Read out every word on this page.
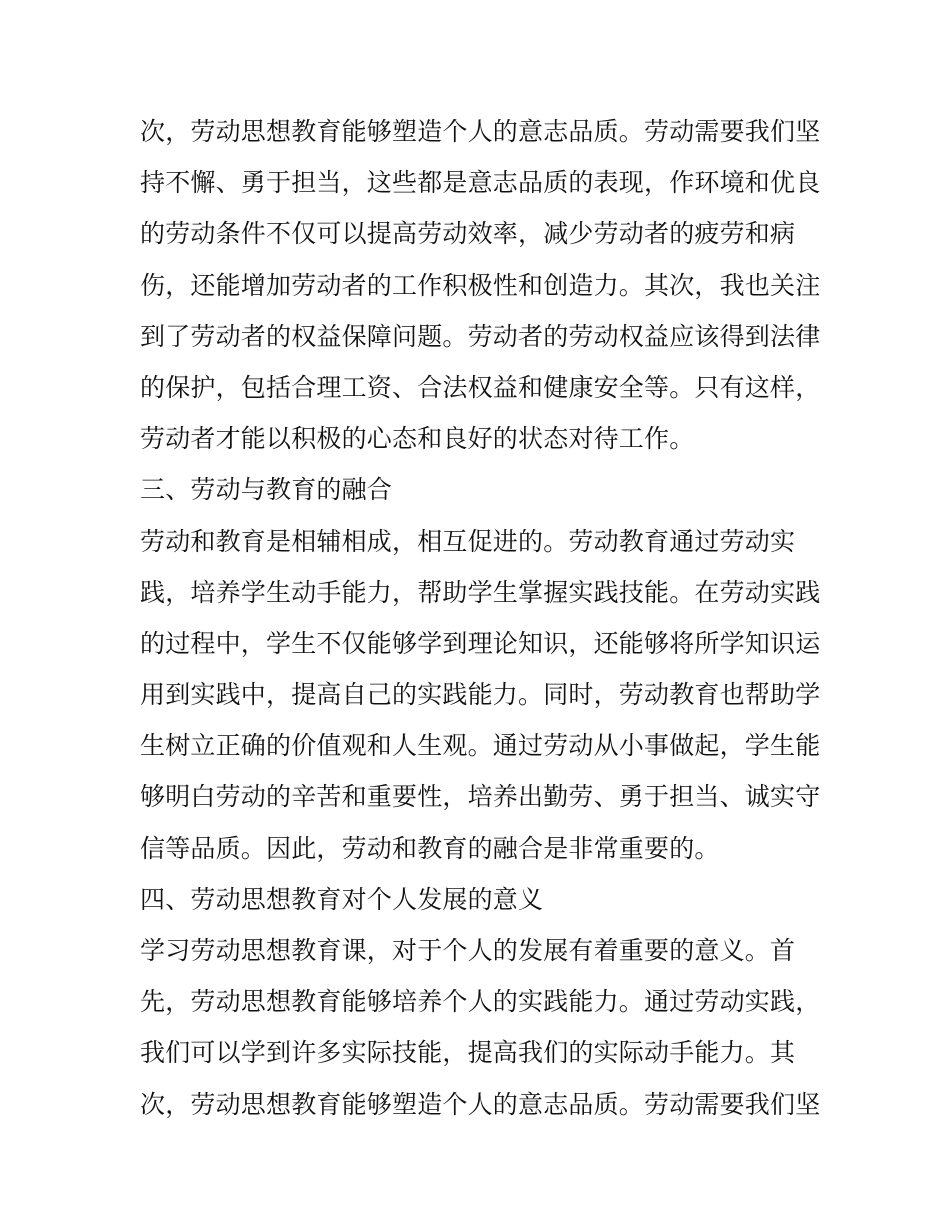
次，劳动思想教育能够塑造个人的意志品质。劳动需要我们坚
持不懈、勇于担当，这些都是意志品质的表现，作环境和优良
的劳动条件不仅可以提高劳动效率，减少劳动者的疲劳和病
伤，还能增加劳动者的工作积极性和创造力。其次，我也关注
到了劳动者的权益保障问题。劳动者的劳动权益应该得到法律
的保护，包括合理工资、合法权益和健康安全等。只有这样，
劳动者才能以积极的心态和良好的状态对待工作。
三、劳动与教育的融合
劳动和教育是相辅相成，相互促进的。劳动教育通过劳动实
践，培养学生动手能力，帮助学生掌握实践技能。在劳动实践
的过程中，学生不仅能够学到理论知识，还能够将所学知识运
用到实践中，提高自己的实践能力。同时，劳动教育也帮助学
生树立正确的价值观和人生观。通过劳动从小事做起，学生能
够明白劳动的辛苦和重要性，培养出勤劳、勇于担当、诚实守
信等品质。因此，劳动和教育的融合是非常重要的。
四、劳动思想教育对个人发展的意义
学习劳动思想教育课，对于个人的发展有着重要的意义。首
先，劳动思想教育能够培养个人的实践能力。通过劳动实践，
我们可以学到许多实际技能，提高我们的实际动手能力。其
次，劳动思想教育能够塑造个人的意志品质。劳动需要我们坚
